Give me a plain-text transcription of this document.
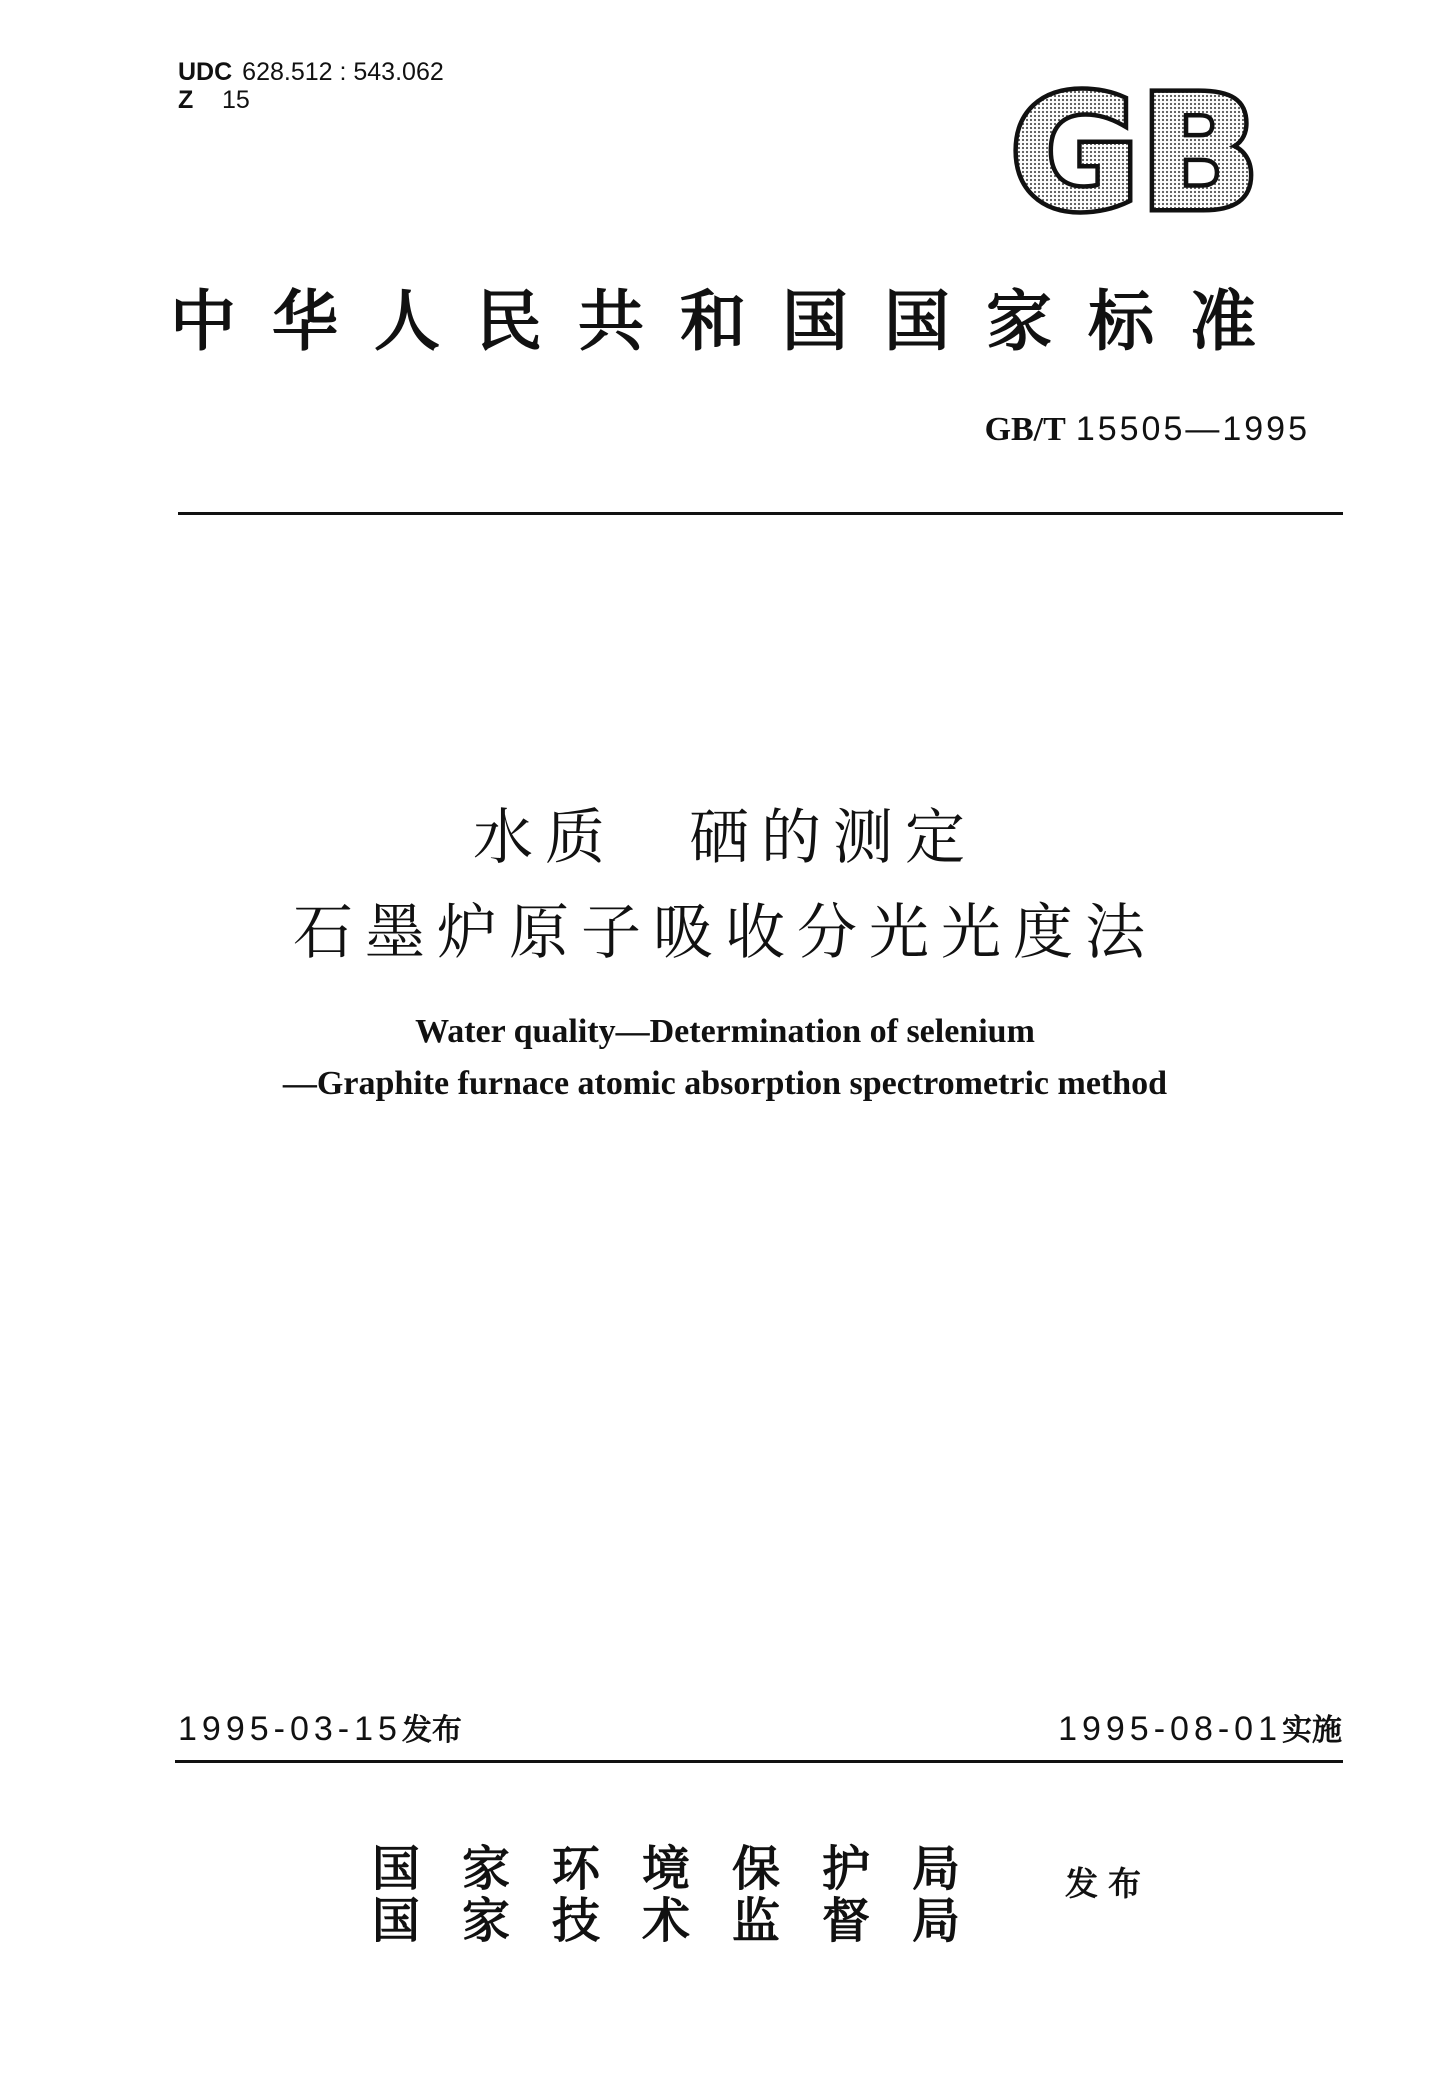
UDC 628.512 : 543.062
Z 15	GB
中华人民共和国国家标准
GB/T 15505—1995
水质　硒的测定
石墨炉原子吸收分光光度法
Water quality—Determination of selenium
—Graphite furnace atomic absorption spectrometric method
1995-03-15发布	1995-08-01实施
国家环境保护局
国家技术监督局
发布
